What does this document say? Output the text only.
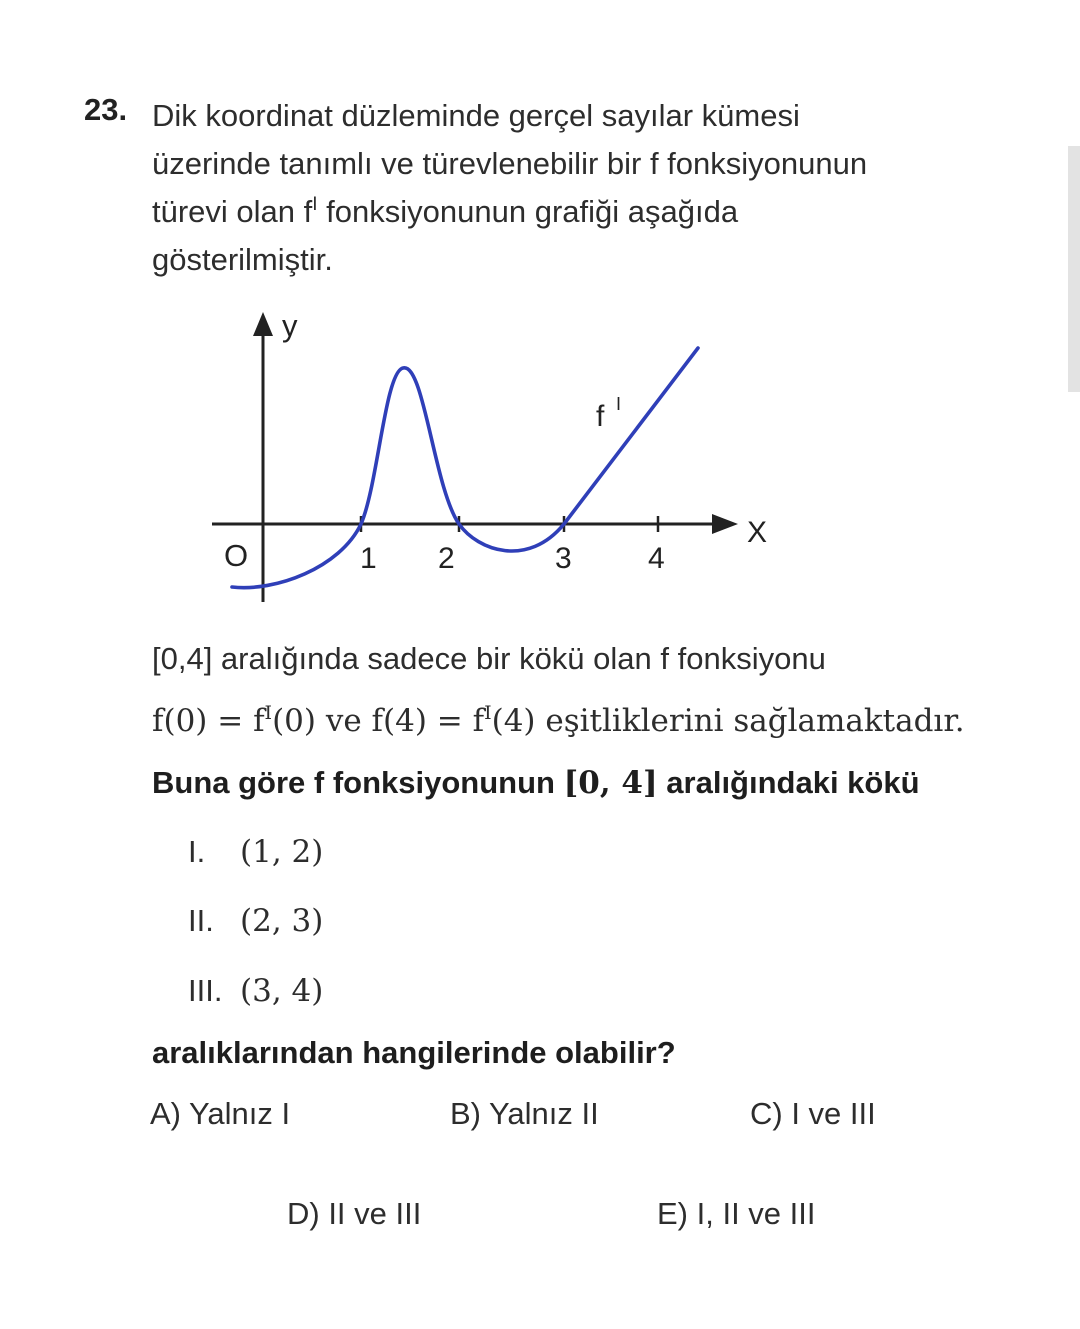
23. Dik koordinat düzleminde gerçel sayılar kümesi
üzerinde tanımlı ve türevlenebilir bir f fonksiyonunun
türevi olan $f^I$ fonksiyonunun grafiği aşağıda
gösterilmiştir.
y
X
O	1 2	3	4
f I
[0,4] aralığında sadece bir kökü olan f fonksiyonu
$f(0) = f^I(0)$ ve $f(4) = f^I(4)$ eşitliklerini sağlamaktadır.
Buna göre f fonksiyonunun [0, 4] aralığındaki kökü
I. (1, 2)
II. (2, 3)
III. (3, 4)
aralıklarından hangilerinde olabilir?
A) Yalnız I	B) Yalnız II	C) I ve III
D) II ve III	E) I, II ve III
